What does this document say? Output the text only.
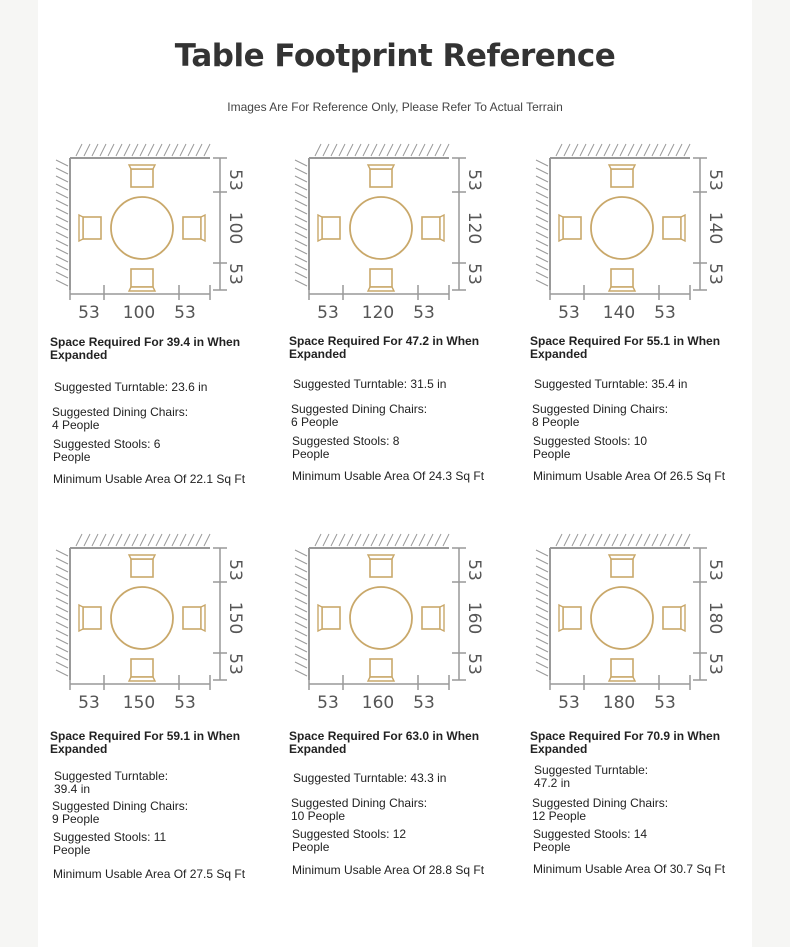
Table Footprint Reference
Images Are For Reference Only, Please Refer To Actual Terrain
53 100 53
53
100
53
Space Required For 39.4 in When Expanded
Suggested Turntable: 23.6 in
Suggested Dining Chairs: 4 People
Suggested Stools: 6 People
Minimum Usable Area Of 22.1 Sq Ft
53 120 53
53
120
53
Space Required For 47.2 in When Expanded
Suggested Turntable: 31.5 in
Suggested Dining Chairs: 6 People
Suggested Stools: 8 People
Minimum Usable Area Of 24.3 Sq Ft
53 140 53
53
140
53
Space Required For 55.1 in When Expanded
Suggested Turntable: 35.4 in
Suggested Dining Chairs: 8 People
Suggested Stools: 10 People
Minimum Usable Area Of 26.5 Sq Ft
53 150 53
53
150
53
Space Required For 59.1 in When Expanded
Suggested Turntable: 39.4 in
Suggested Dining Chairs: 9 People
Suggested Stools: 11 People
Minimum Usable Area Of 27.5 Sq Ft
53 160 53
53
160
53
Space Required For 63.0 in When Expanded
Suggested Turntable: 43.3 in
Suggested Dining Chairs: 10 People
Suggested Stools: 12 People
Minimum Usable Area Of 28.8 Sq Ft
53 180 53
53
180
53
Space Required For 70.9 in When Expanded
Suggested Turntable: 47.2 in
Suggested Dining Chairs: 12 People
Suggested Stools: 14 People
Minimum Usable Area Of 30.7 Sq Ft
